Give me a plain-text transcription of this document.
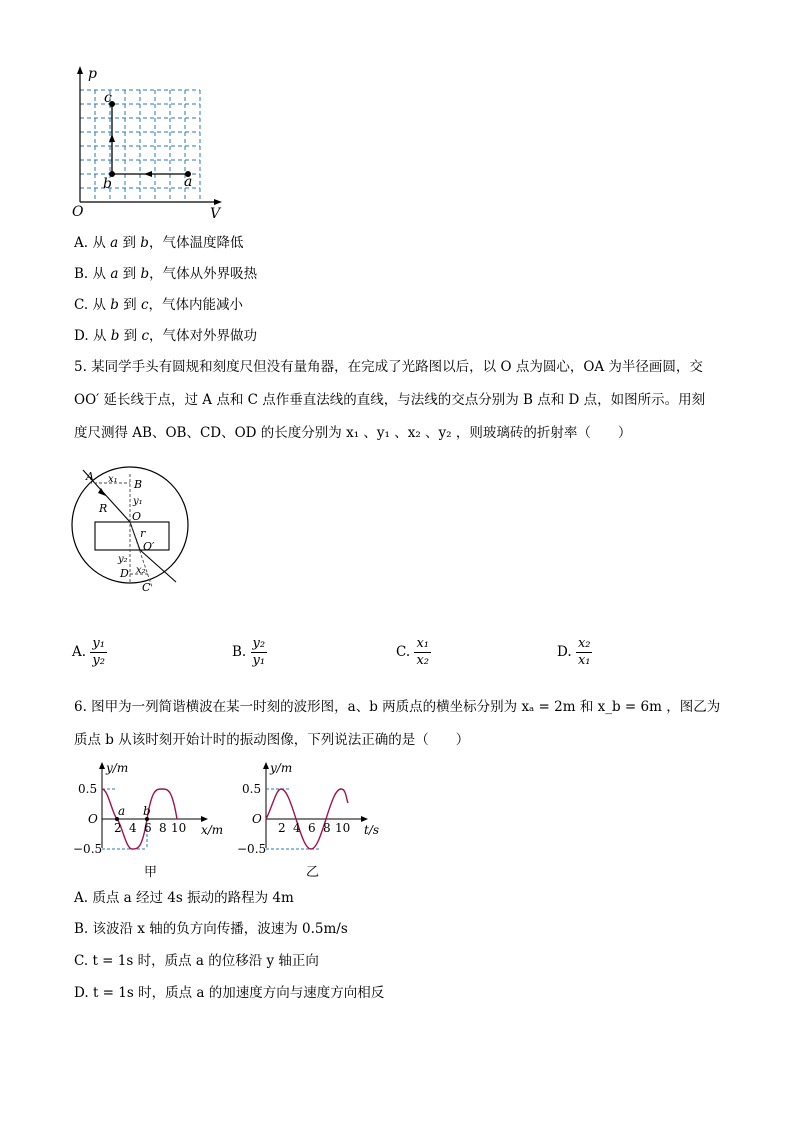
p
V
O
a
b
c
A. 从 a 到 b，气体温度降低
B. 从 a 到 b，气体从外界吸热
C. 从 b 到 c，气体内能减小
D. 从 b 到 c，气体对外界做功
5. 某同学手头有圆规和刻度尺但没有量角器，在完成了光路图以后，以 O 点为圆心，OA 为半径画圆，交
OO′ 延长线于点，过 A 点和 C 点作垂直法线的直线，与法线的交点分别为 B 点和 D 点，如图所示。用刻
度尺测得 AB、OB、CD、OD 的长度分别为 x₁ 、y₁ 、x₂ 、y₂ ，则玻璃砖的折射率（　　）
A x₁ B
y₁
R
O
r
O′
y₂
x₂
D
C
A. $\frac{\text{y₁}}{\text{y₂}}$	B. $\frac{\text{y₂}}{\text{y₁}}$	C. $\frac{\text{x₁}}{\text{x₂}}$	D. $\frac{\text{x₂}}{\text{x₁}}$
6. 图甲为一列简谐横波在某一时刻的波形图，a、b 两质点的横坐标分别为 xₐ = 2m 和 x_b = 6m ，图乙为
质点 b 从该时刻开始计时的振动图像，下列说法正确的是（　　）
y/m
0.5
O
−0.5
a b
2 4 6 8 10 x/m
甲
y/m
0.5
O
−0.5
2 4 6 8 10 t/s
乙
A. 质点 a 经过 4s 振动的路程为 4m
B. 该波沿 x 轴的负方向传播，波速为 0.5m/s
C. t = 1s 时，质点 a 的位移沿 y 轴正向
D. t = 1s 时，质点 a 的加速度方向与速度方向相反
